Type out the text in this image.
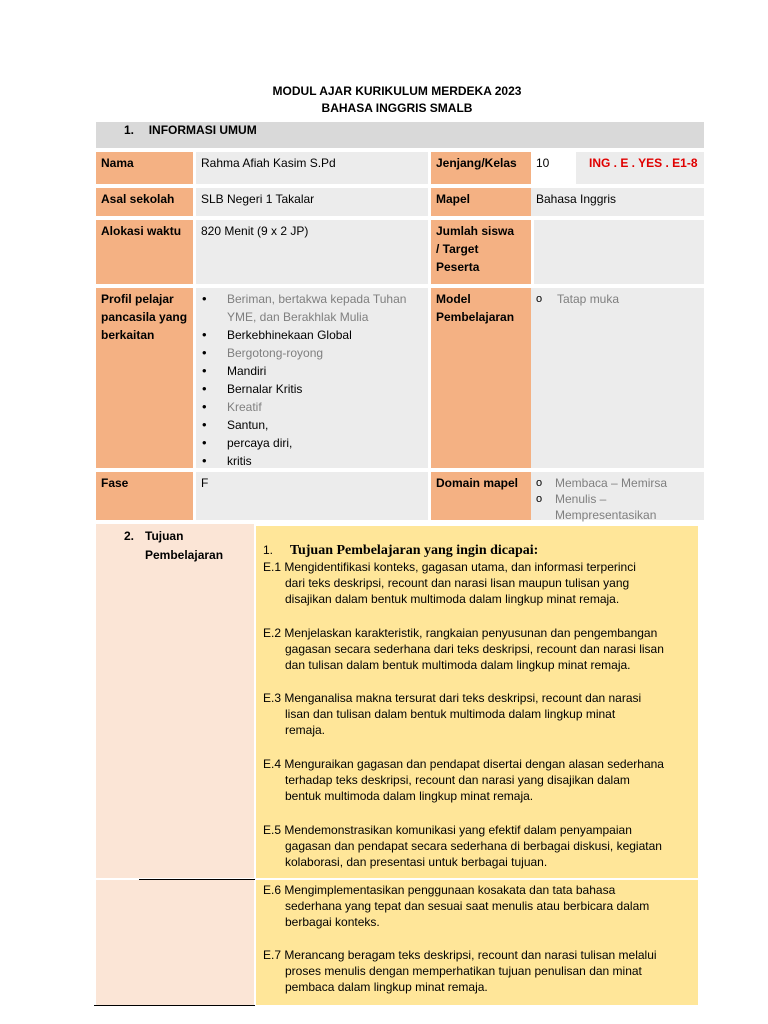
MODUL AJAR KURIKULUM MERDEKA 2023
BAHASA INGGRIS SMALB
1. INFORMASI UMUM
Nama	Rahma Afiah Kasim S.Pd	Jenjang/Kelas	10	ING . E . YES . E1-8
Asal sekolah	SLB Negeri 1 Takalar	Mapel	Bahasa Inggris
Alokasi waktu	820 Menit (9 x 2 JP)	Jumlah siswa
/ Target
Peserta
Profil pelajar
pancasila yang
berkaitan
• Beriman, bertakwa kepada Tuhan
YME, dan Berakhlak Mulia
• Berkebhinekaan Global
• Bergotong-royong
• Mandiri
• Bernalar Kritis
• Kreatif
• Santun,
• percaya diri,
• kritis
Model
Pembelajaran
o Tatap muka
Fase	F	Domain mapel
o	Membaca – Memirsa
o Menulis –
Mempresentasikan
2. Tujuan
Pembelajaran	1. Tujuan Pembelajaran yang ingin dicapai:
E.1 Mengidentifikasi konteks, gagasan utama, dan informasi terperinci
dari teks deskripsi, recount dan narasi lisan maupun tulisan yang
disajikan dalam bentuk multimoda dalam lingkup minat remaja.
E.2 Menjelaskan karakteristik, rangkaian penyusunan dan pengembangan
gagasan secara sederhana dari teks deskripsi, recount dan narasi lisan
dan tulisan dalam bentuk multimoda dalam lingkup minat remaja.
E.3 Menganalisa makna tersurat dari teks deskripsi, recount dan narasi
lisan dan tulisan dalam bentuk multimoda dalam lingkup minat
remaja.
E.4 Menguraikan gagasan dan pendapat disertai dengan alasan sederhana
terhadap teks deskripsi, recount dan narasi yang disajikan dalam
bentuk multimoda dalam lingkup minat remaja.
E.5 Mendemonstrasikan komunikasi yang efektif dalam penyampaian
gagasan dan pendapat secara sederhana di berbagai diskusi, kegiatan
kolaborasi, dan presentasi untuk berbagai tujuan.
E.6 Mengimplementasikan penggunaan kosakata dan tata bahasa
sederhana yang tepat dan sesuai saat menulis atau berbicara dalam
berbagai konteks.
E.7 Merancang beragam teks deskripsi, recount dan narasi tulisan melalui
proses menulis dengan memperhatikan tujuan penulisan dan minat
pembaca dalam lingkup minat remaja.
